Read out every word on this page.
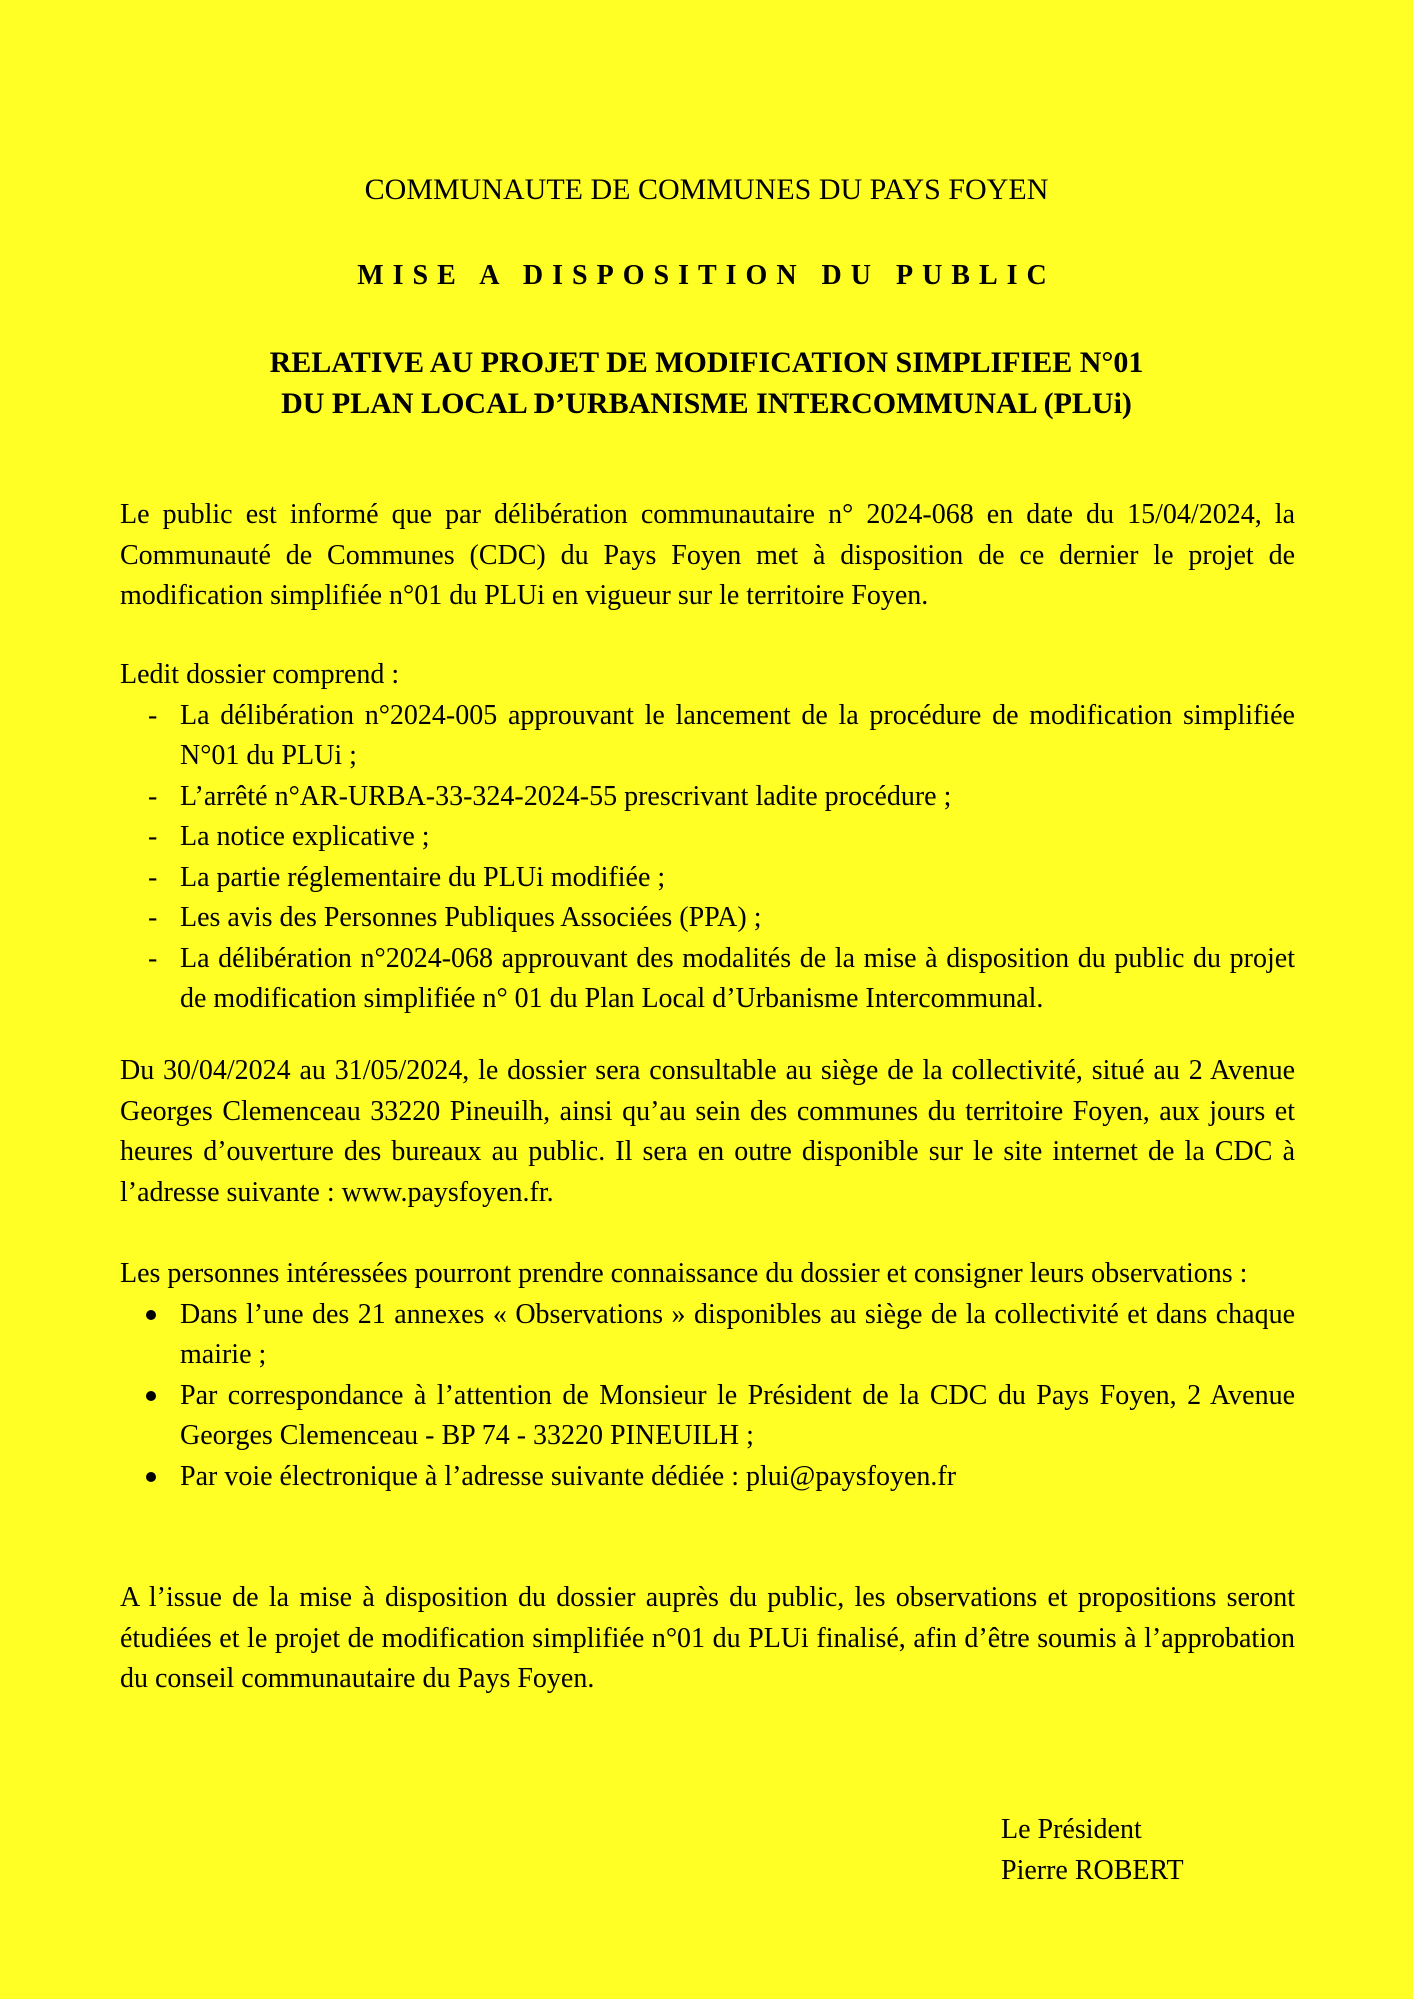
COMMUNAUTE DE COMMUNES DU PAYS FOYEN
MISE A DISPOSITION DU PUBLIC
RELATIVE AU PROJET DE MODIFICATION SIMPLIFIEE N°01
DU PLAN LOCAL D’URBANISME INTERCOMMUNAL (PLUi)

Le public est informé que par délibération communautaire n° 2024-068 en date du 15/04/2024, la Communauté de Communes (CDC) du Pays Foyen met à disposition de ce dernier le projet de modification simplifiée n°01 du PLUi en vigueur sur le territoire Foyen.

Ledit dossier comprend :

- La délibération n°2024-005 approuvant le lancement de la procédure de modification simplifiée N°01 du PLUi ;
- L’arrêté n°AR-URBA-33-324-2024-55 prescrivant ladite procédure ;
- La notice explicative ;
- La partie réglementaire du PLUi modifiée ;
- Les avis des Personnes Publiques Associées (PPA) ;
- La délibération n°2024-068 approuvant des modalités de la mise à disposition du public du projet de modification simplifiée n° 01 du Plan Local d’Urbanisme Intercommunal.

Du 30/04/2024 au 31/05/2024, le dossier sera consultable au siège de la collectivité, situé au 2 Avenue Georges Clemenceau 33220 Pineuilh, ainsi qu’au sein des communes du territoire Foyen, aux jours et heures d’ouverture des bureaux au public. Il sera en outre disponible sur le site internet de la CDC à l’adresse suivante : www.paysfoyen.fr.

Les personnes intéressées pourront prendre connaissance du dossier et consigner leurs observations :

Dans l’une des 21 annexes « Observations » disponibles au siège de la collectivité et dans chaque mairie ;
Par correspondance à l’attention de Monsieur le Président de la CDC du Pays Foyen, 2 Avenue Georges Clemenceau - BP 74 - 33220 PINEUILH ;
Par voie électronique à l’adresse suivante dédiée : plui@paysfoyen.fr

A l’issue de la mise à disposition du dossier auprès du public, les observations et propositions seront étudiées et le projet de modification simplifiée n°01 du PLUi finalisé, afin d’être soumis à l’approbation du conseil communautaire du Pays Foyen.

Le Président
Pierre ROBERT
